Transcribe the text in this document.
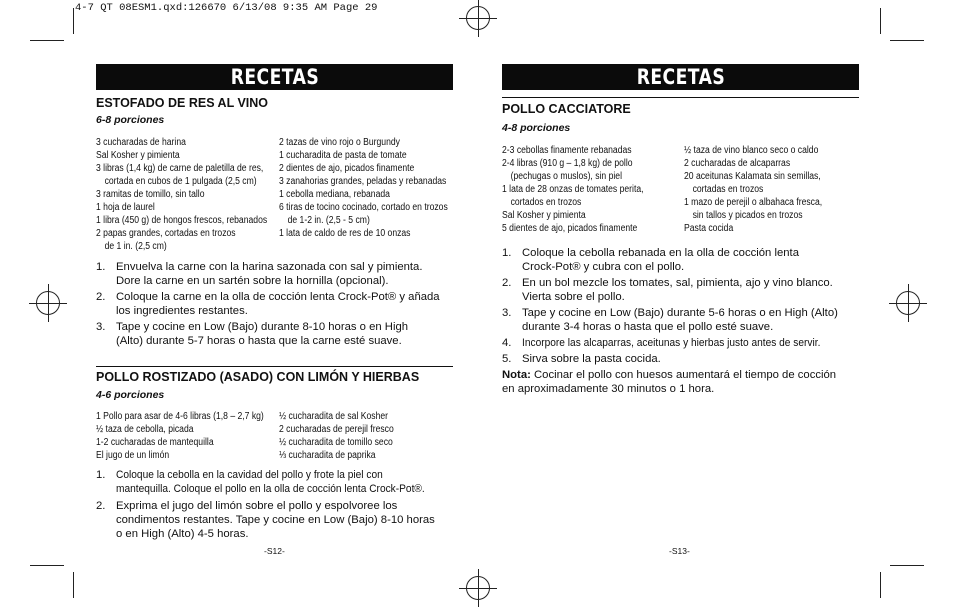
4-7 QT 08ESM1.qxd:126670 6/13/08 9:35 AM Page 29
RECETAS
ESTOFADO DE RES AL VINO
6-8 porciones
3 cucharadas de harina
Sal Kosher y pimienta
3 libras (1,4 kg) de carne de paletilla de res,
cortada en cubos de 1 pulgada (2,5 cm)
3 ramitas de tomillo, sin tallo
1 hoja de laurel
1 libra (450 g) de hongos frescos, rebanados
2 papas grandes, cortadas en trozos
de 1 in. (2,5 cm)
2 tazas de vino rojo o Burgundy
1 cucharadita de pasta de tomate
2 dientes de ajo, picados finamente
3 zanahorias grandes, peladas y rebanadas
1 cebolla mediana, rebanada
6 tiras de tocino cocinado, cortado en trozos
de 1-2 in. (2,5 - 5 cm)
1 lata de caldo de res de 10 onzas
1. Envuelva la carne con la harina sazonada con sal y pimienta.
Dore la carne en un sartén sobre la hornilla (opcional).
2. Coloque la carne en la olla de cocción lenta Crock-Pot® y añada
los ingredientes restantes.
3. Tape y cocine en Low (Bajo) durante 8-10 horas o en High
(Alto) durante 5-7 horas o hasta que la carne esté suave.
POLLO ROSTIZADO (ASADO) CON LIMÓN Y HIERBAS
4-6 porciones
1 Pollo para asar de 4-6 libras (1,8 – 2,7 kg)
½ taza de cebolla, picada
1-2 cucharadas de mantequilla
El jugo de un limón
½ cucharadita de sal Kosher
2 cucharadas de perejil fresco
½ cucharadita de tomillo seco
⅓ cucharadita de paprika
1. Coloque la cebolla en la cavidad del pollo y frote la piel con
mantequilla. Coloque el pollo en la olla de cocción lenta Crock-Pot®.
2. Exprima el jugo del limón sobre el pollo y espolvoree los
condimentos restantes. Tape y cocine en Low (Bajo) 8-10 horas
o en High (Alto) 4-5 horas.
-S12-
RECETAS
POLLO CACCIATORE
4-8 porciones
2-3 cebollas finamente rebanadas
2-4 libras (910 g – 1,8 kg) de pollo
(pechugas o muslos), sin piel
1 lata de 28 onzas de tomates perita,
cortados en trozos
Sal Kosher y pimienta
5 dientes de ajo, picados finamente
½ taza de vino blanco seco o caldo
2 cucharadas de alcaparras
20 aceitunas Kalamata sin semillas,
cortadas en trozos
1 mazo de perejil o albahaca fresca,
sin tallos y picados en trozos
Pasta cocida
1. Coloque la cebolla rebanada en la olla de cocción lenta
Crock-Pot® y cubra con el pollo.
2. En un bol mezcle los tomates, sal, pimienta, ajo y vino blanco.
Vierta sobre el pollo.
3. Tape y cocine en Low (Bajo) durante 5-6 horas o en High (Alto)
durante 3-4 horas o hasta que el pollo esté suave.
4. Incorpore las alcaparras, aceitunas y hierbas justo antes de servir.
5. Sirva sobre la pasta cocida.
Nota: Cocinar el pollo con huesos aumentará el tiempo de cocción
en aproximadamente 30 minutos o 1 hora.
-S13-
